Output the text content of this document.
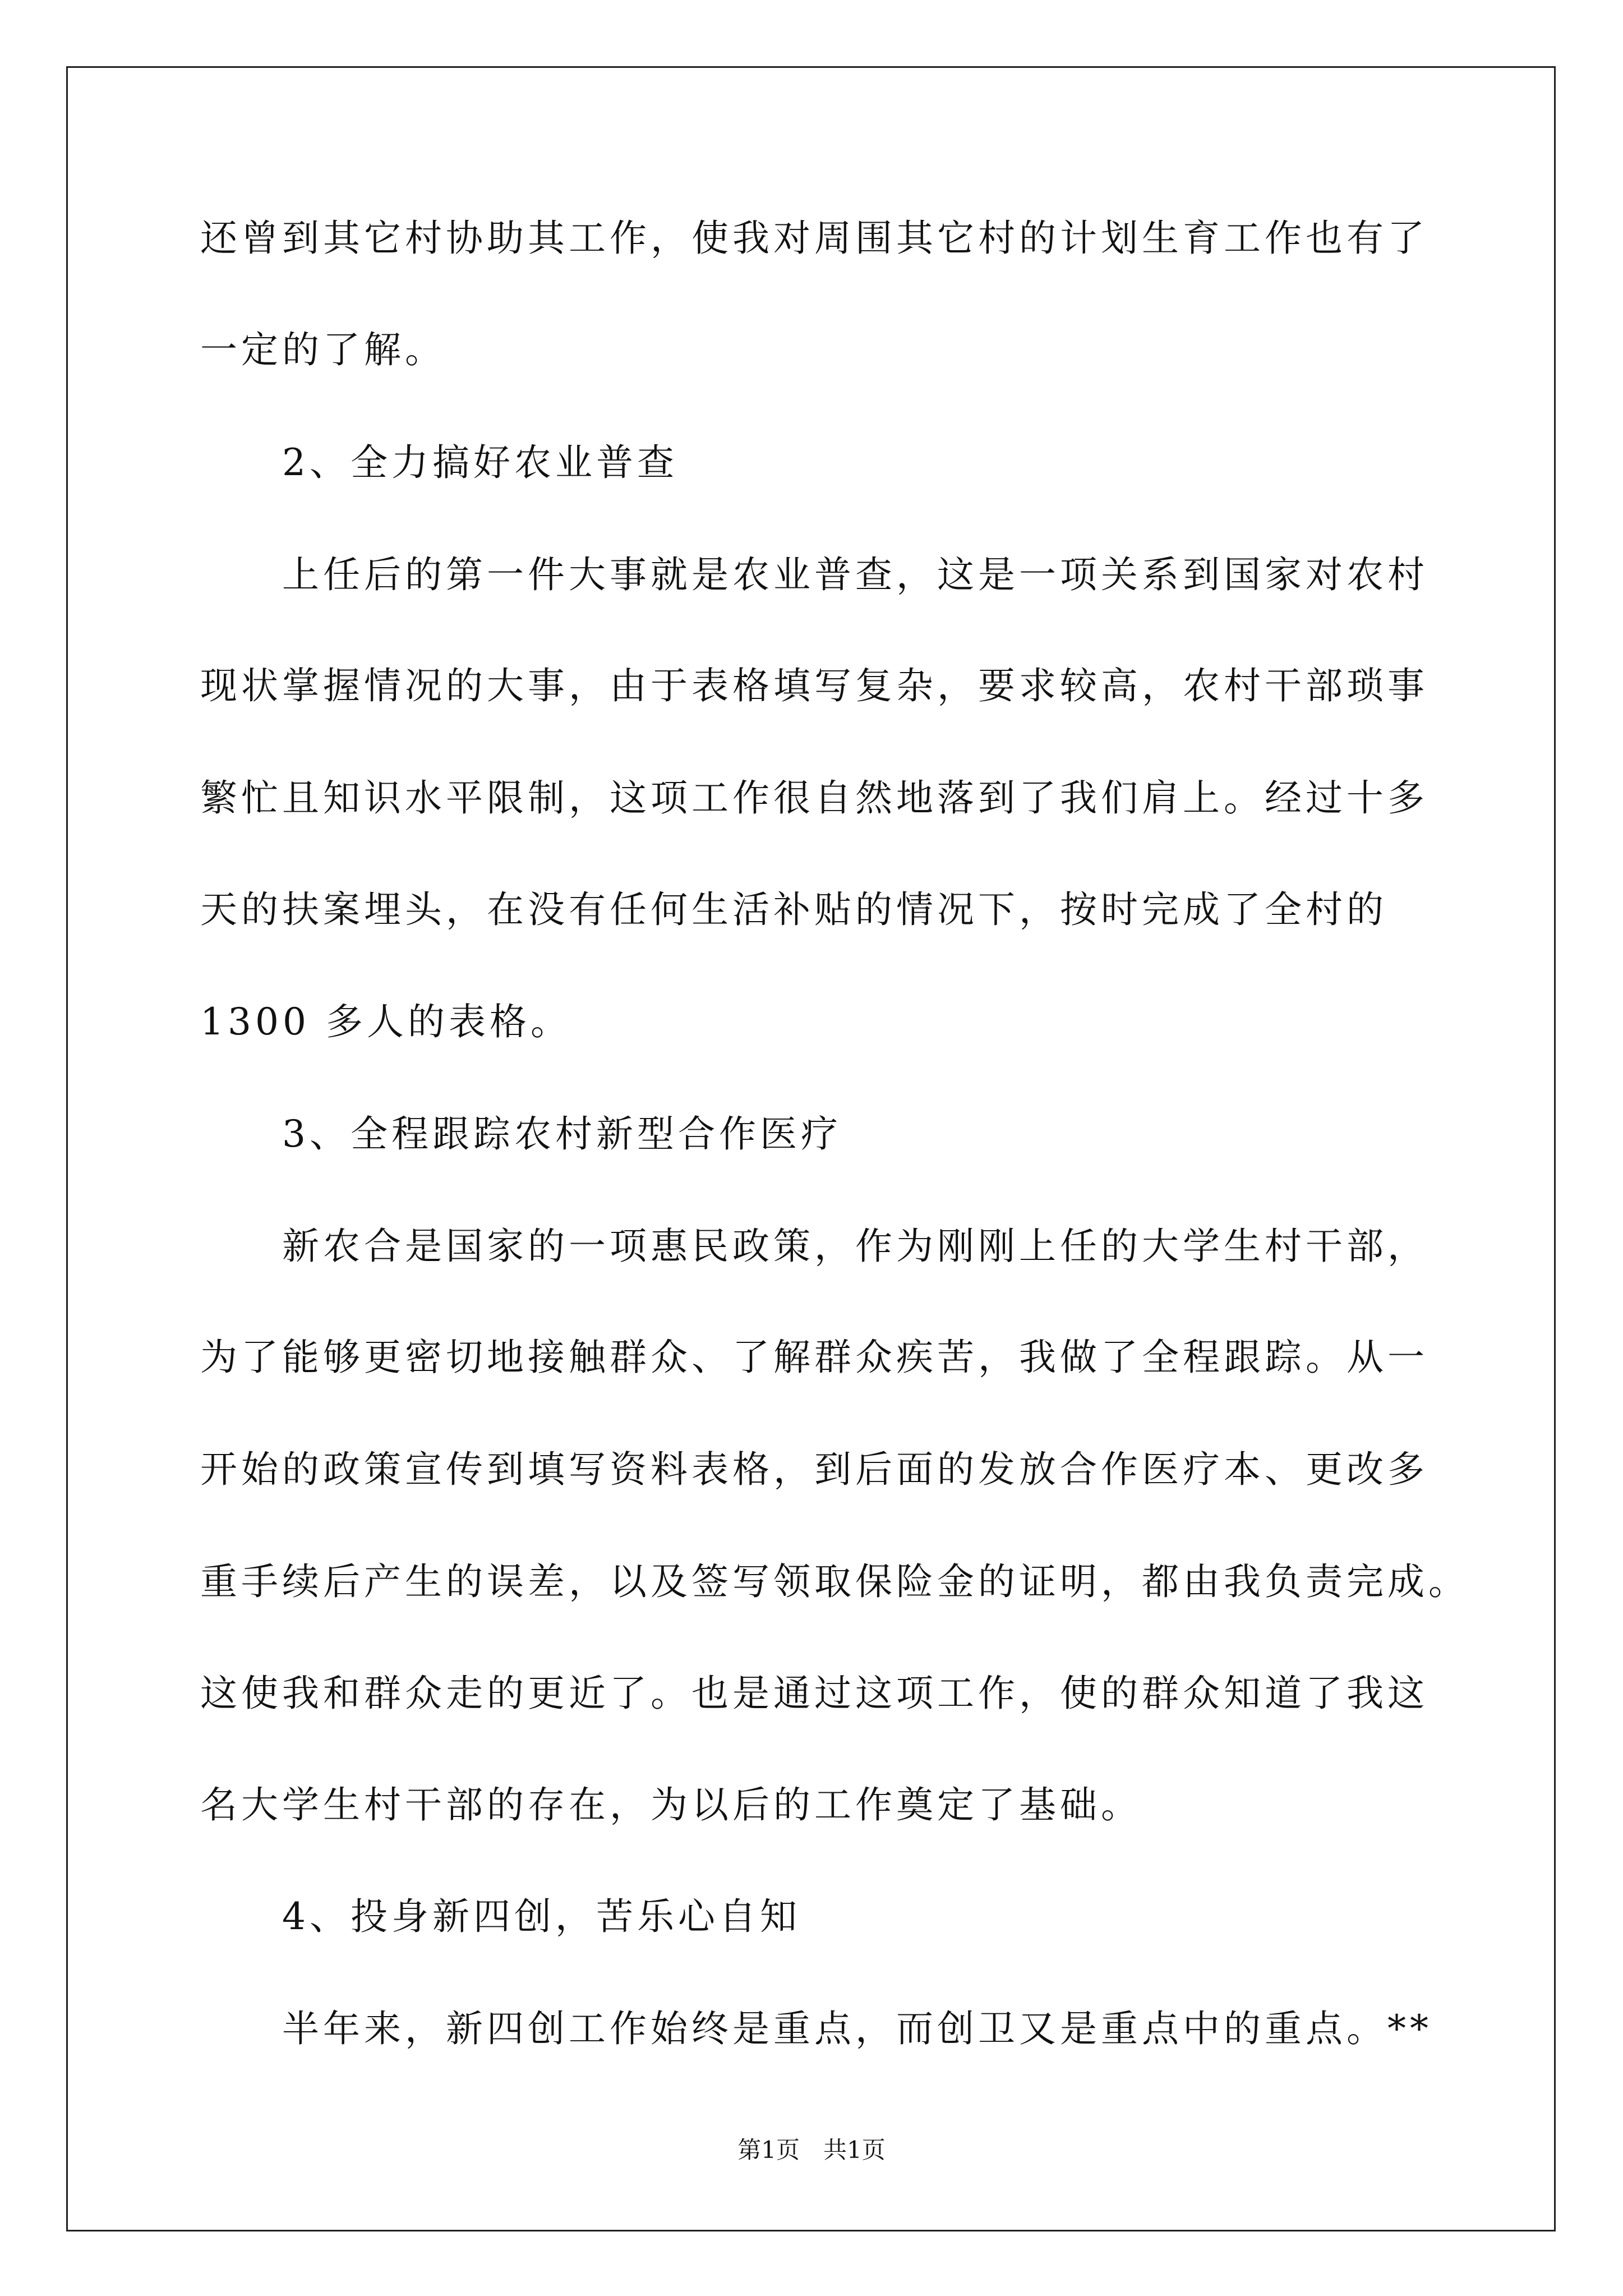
还曾到其它村协助其工作，使我对周围其它村的计划生育工作也有了
一定的了解。
　　2、全力搞好农业普查
　　上任后的第一件大事就是农业普查，这是一项关系到国家对农村
现状掌握情况的大事，由于表格填写复杂，要求较高，农村干部琐事
繁忙且知识水平限制，这项工作很自然地落到了我们肩上。经过十多
天的扶案埋头，在没有任何生活补贴的情况下，按时完成了全村的
1300 多人的表格。
　　3、全程跟踪农村新型合作医疗
　　新农合是国家的一项惠民政策，作为刚刚上任的大学生村干部，
为了能够更密切地接触群众、了解群众疾苦，我做了全程跟踪。从一
开始的政策宣传到填写资料表格，到后面的发放合作医疗本、更改多
重手续后产生的误差，以及签写领取保险金的证明，都由我负责完成。
这使我和群众走的更近了。也是通过这项工作，使的群众知道了我这
名大学生村干部的存在，为以后的工作奠定了基础。
　　4、投身新四创，苦乐心自知
　　半年来，新四创工作始终是重点，而创卫又是重点中的重点。**
第1页　共1页
